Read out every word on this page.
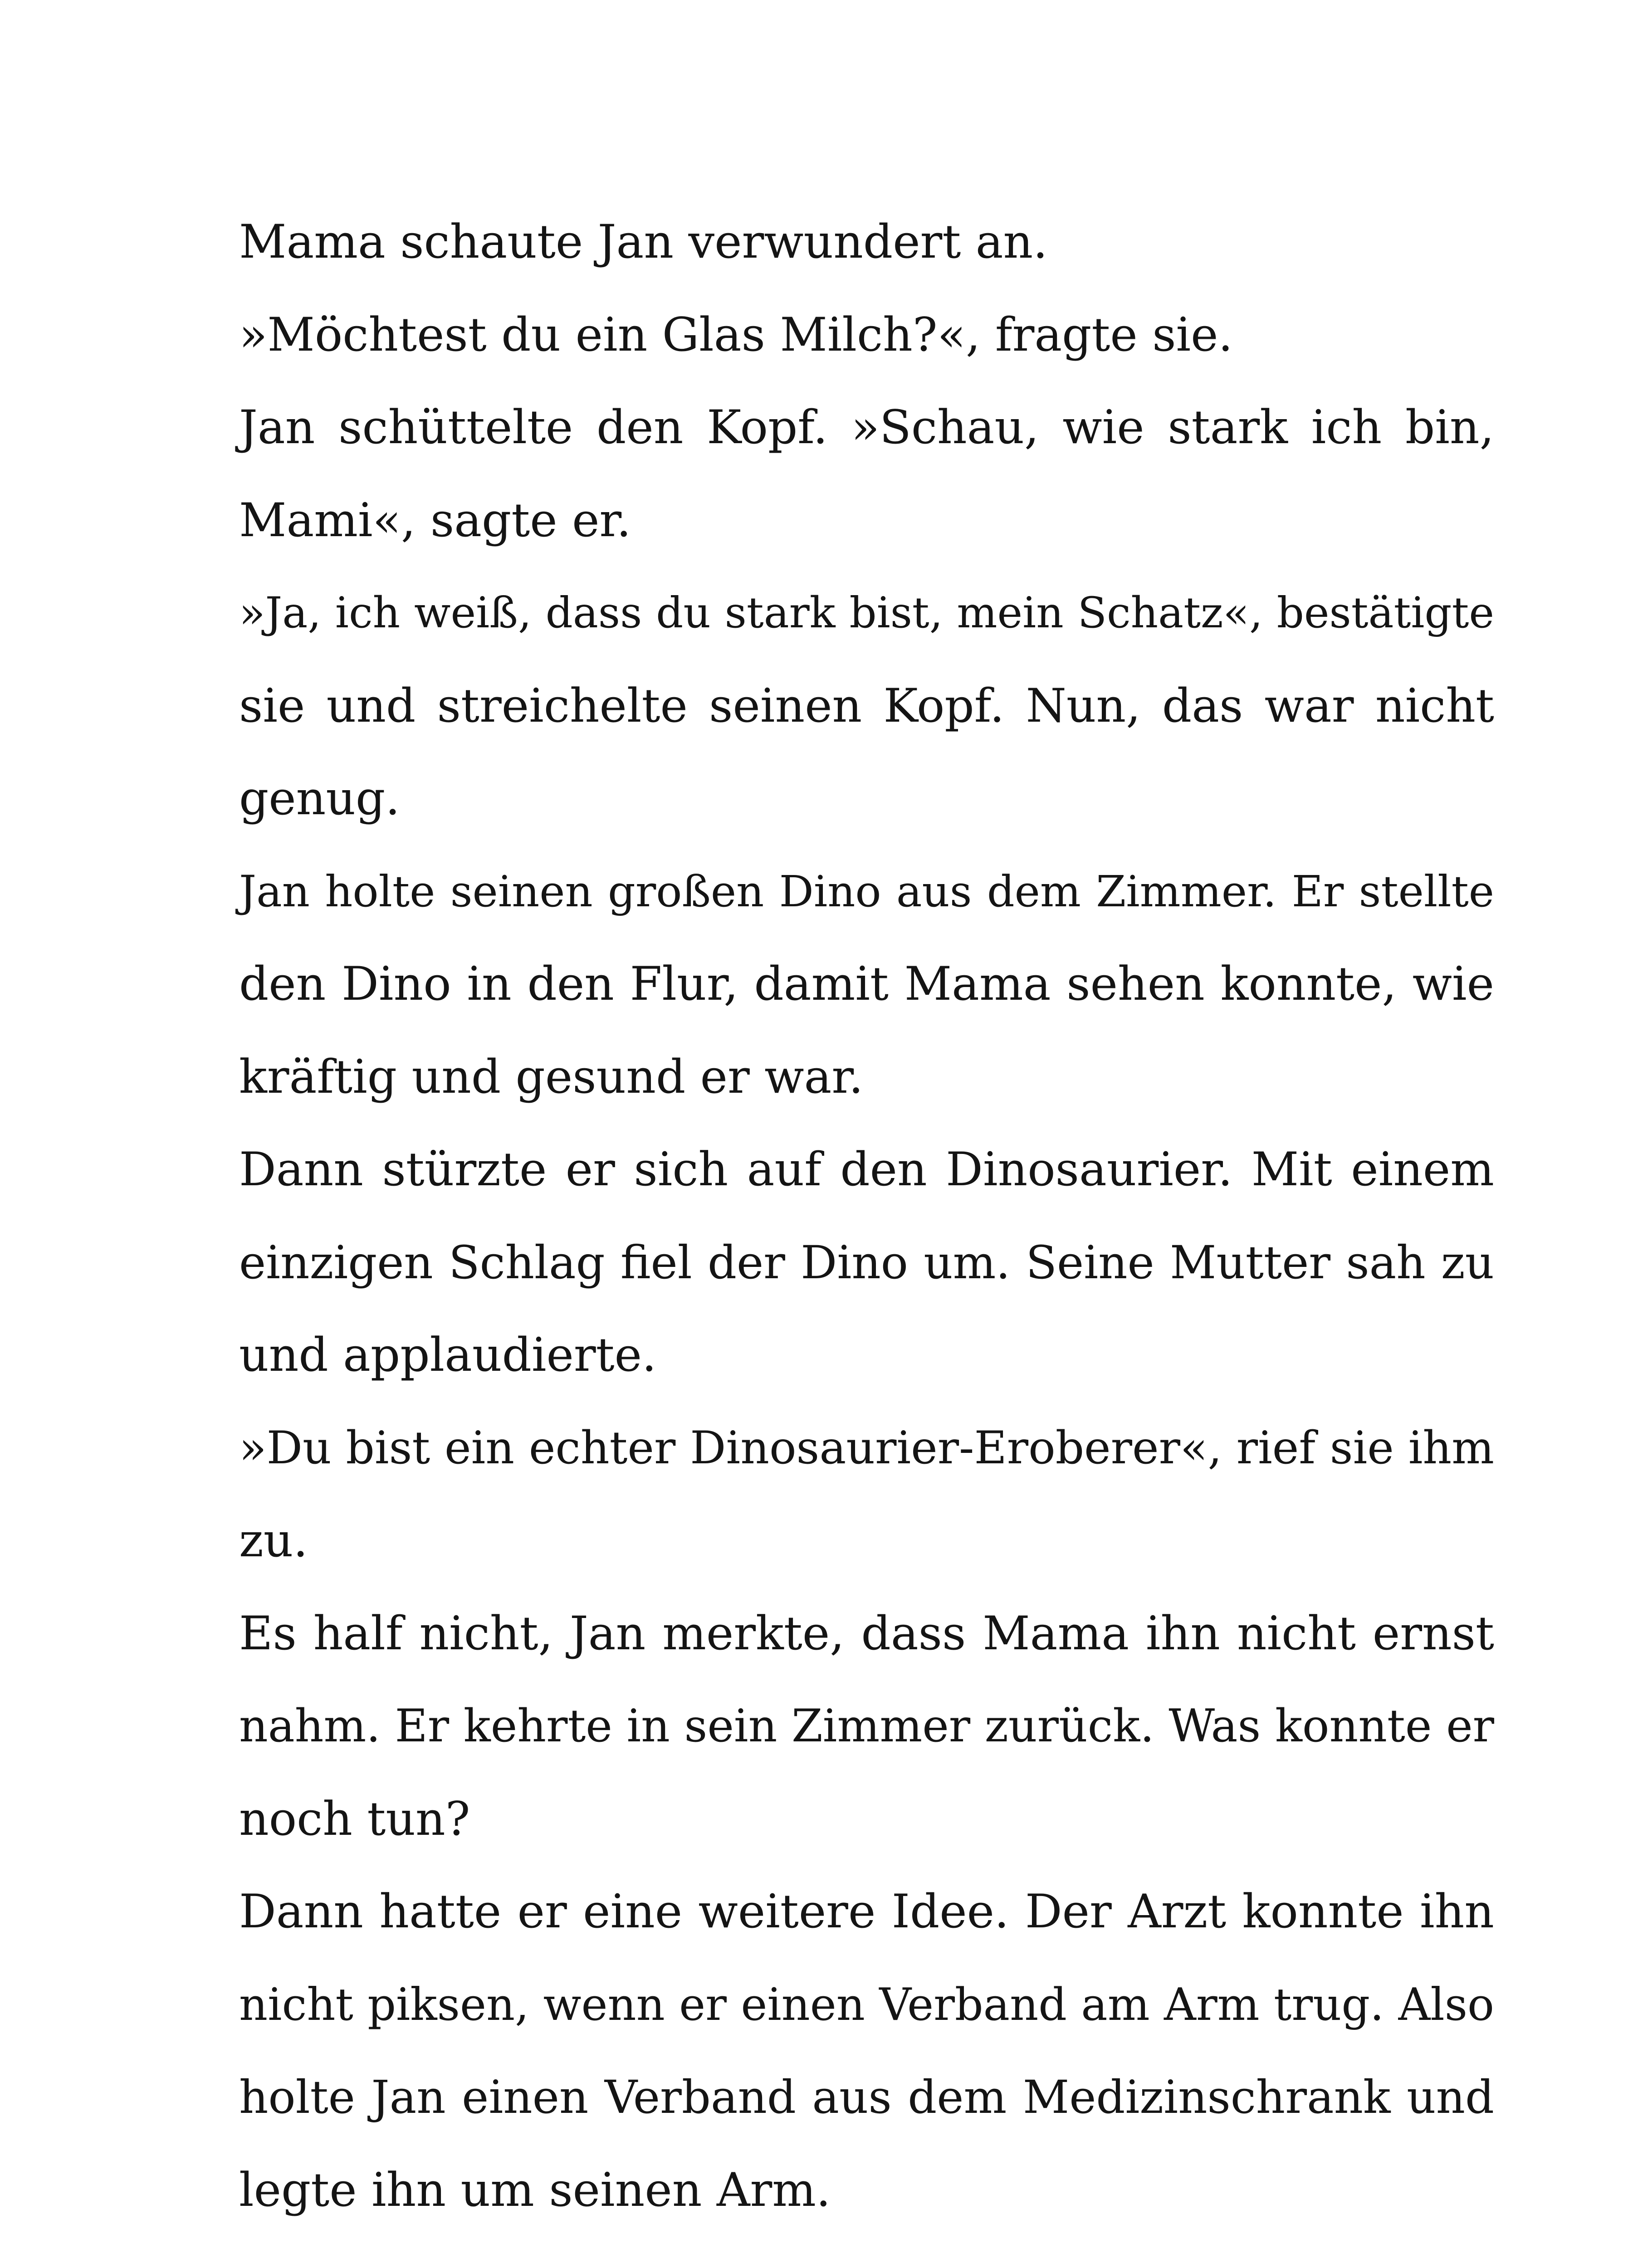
Mama schaute Jan verwundert an.
»Möchtest du ein Glas Milch?«, fragte sie.
Jan schüttelte den Kopf. »Schau, wie stark ich bin,
Mami«, sagte er.
»Ja, ich weiß, dass du stark bist, mein Schatz«, bestätigte
sie und streichelte seinen Kopf. Nun, das war nicht
genug.
Jan holte seinen großen Dino aus dem Zimmer. Er stellte
den Dino in den Flur, damit Mama sehen konnte, wie
kräftig und gesund er war.
Dann stürzte er sich auf den Dinosaurier. Mit einem
einzigen Schlag fiel der Dino um. Seine Mutter sah zu
und applaudierte.
»Du bist ein echter Dinosaurier-Eroberer«, rief sie ihm
zu.
Es half nicht, Jan merkte, dass Mama ihn nicht ernst
nahm. Er kehrte in sein Zimmer zurück. Was konnte er
noch tun?
Dann hatte er eine weitere Idee. Der Arzt konnte ihn
nicht piksen, wenn er einen Verband am Arm trug. Also
holte Jan einen Verband aus dem Medizinschrank und
legte ihn um seinen Arm.
